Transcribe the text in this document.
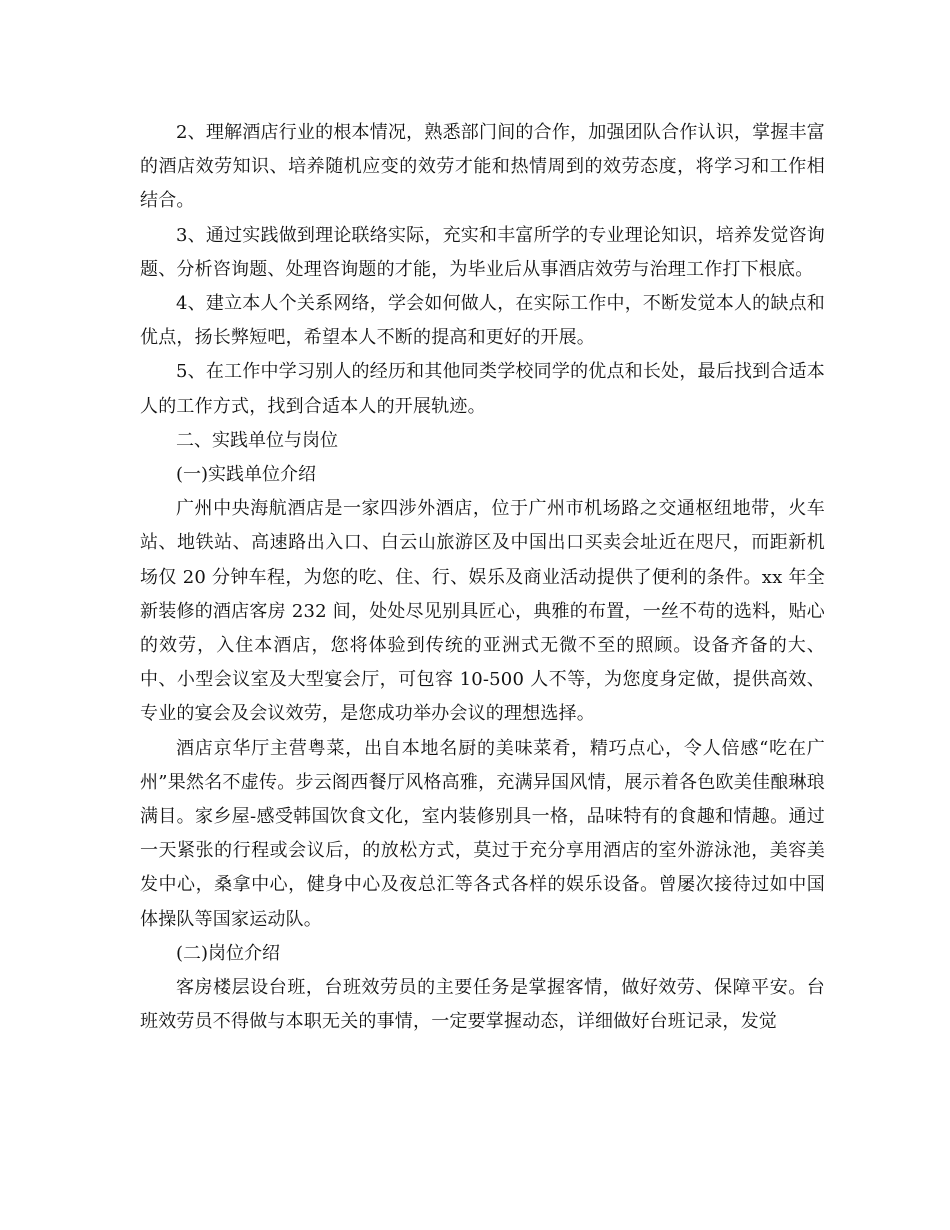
2、理解酒店行业的根本情况，熟悉部门间的合作，加强团队合作认识，掌握丰富的酒店效劳知识、培养随机应变的效劳才能和热情周到的效劳态度，将学习和工作相结合。

3、通过实践做到理论联络实际，充实和丰富所学的专业理论知识，培养发觉咨询题、分析咨询题、处理咨询题的才能，为毕业后从事酒店效劳与治理工作打下根底。

4、建立本人个关系网络，学会如何做人，在实际工作中，不断发觉本人的缺点和优点，扬长弊短吧，希望本人不断的提高和更好的开展。

5、在工作中学习别人的经历和其他同类学校同学的优点和长处，最后找到合适本人的工作方式，找到合适本人的开展轨迹。

二、实践单位与岗位

(一)实践单位介绍

广州中央海航酒店是一家四涉外酒店，位于广州市机场路之交通枢纽地带，火车站、地铁站、高速路出入口、白云山旅游区及中国出口买卖会址近在咫尺，而距新机场仅 20 分钟车程，为您的吃、住、行、娱乐及商业活动提供了便利的条件。xx 年全新装修的酒店客房 232 间，处处尽见别具匠心，典雅的布置，一丝不苟的选料，贴心的效劳，入住本酒店，您将体验到传统的亚洲式无微不至的照顾。设备齐备的大、中、小型会议室及大型宴会厅，可包容 10-500 人不等，为您度身定做，提供高效、专业的宴会及会议效劳，是您成功举办会议的理想选择。

酒店京华厅主营粤菜，出自本地名厨的美味菜肴，精巧点心，令人倍感“吃在广州”果然名不虚传。步云阁西餐厅风格高雅，充满异国风情，展示着各色欧美佳酿琳琅满目。家乡屋-感受韩国饮食文化，室内装修别具一格，品味特有的食趣和情趣。通过一天紧张的行程或会议后，的放松方式，莫过于充分享用酒店的室外游泳池，美容美发中心，桑拿中心，健身中心及夜总汇等各式各样的娱乐设备。曾屡次接待过如中国体操队等国家运动队。

(二)岗位介绍

客房楼层设台班，台班效劳员的主要任务是掌握客情，做好效劳、保障平安。台班效劳员不得做与本职无关的事情，一定要掌握动态，详细做好台班记录，发觉
